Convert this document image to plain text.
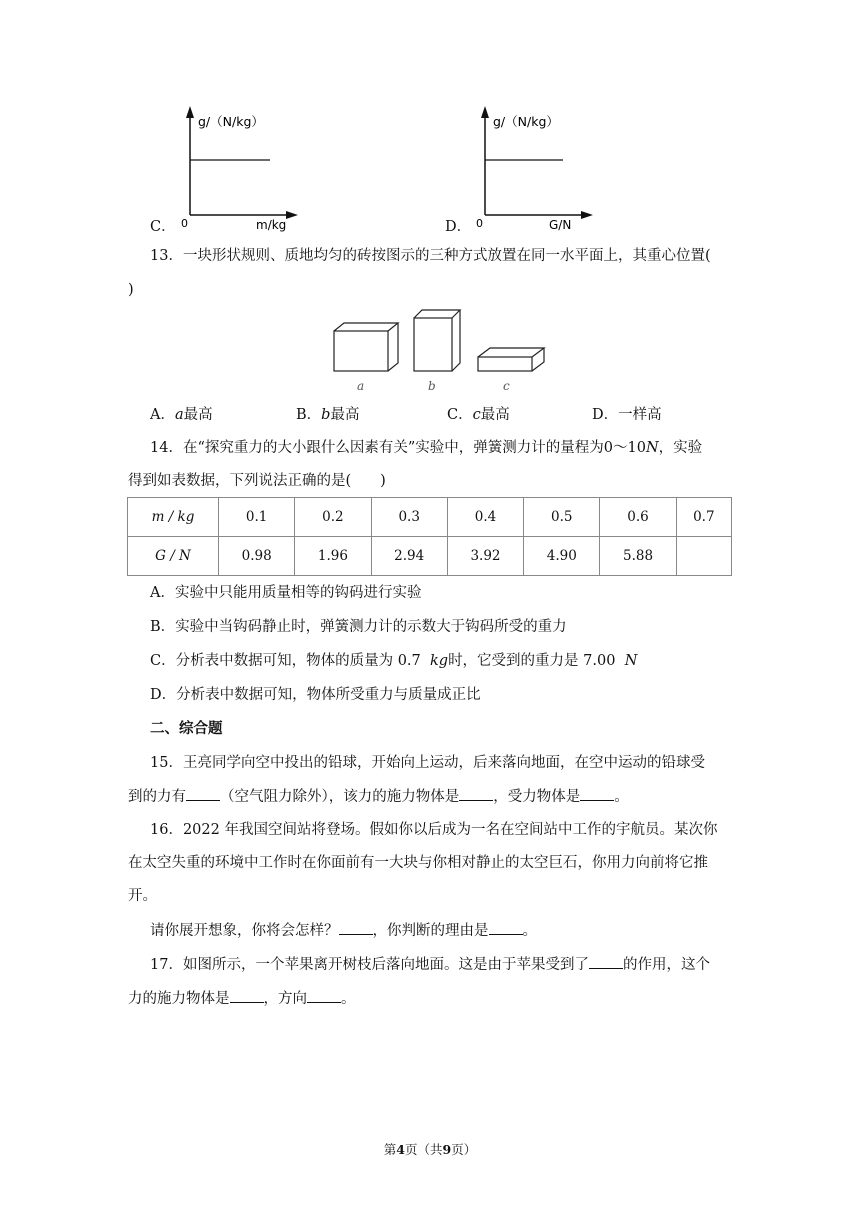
g/（N/kg）
m/kg
0
C．
g/（N/kg）
G/N
0
D．
13．一块形状规则、质地均匀的砖按图示的三种方式放置在同一水平面上，其重心位置(
)
a	b	c
A．a最高	B．b最高	C．c最高	D．一样高
14．在“探究重力的大小跟什么因素有关”实验中，弹簧测力计的量程为0～10N，实验
得到如表数据，下列说法正确的是(　　)
m / kg	0.1	0.2	0.3	0.4	0.5	0.6	0.7
G / N	0.98	1.96	2.94	3.92	4.90	5.88	
A．实验中只能用质量相等的钩码进行实验
B．实验中当钩码静止时，弹簧测力计的示数大于钩码所受的重力
C．分析表中数据可知，物体的质量为 0.7 kg时，它受到的重力是 7.00 N
D．分析表中数据可知，物体所受重力与质量成正比
二、综合题
15．王亮同学向空中投出的铅球，开始向上运动，后来落向地面，在空中运动的铅球受
到的力有 （空气阻力除外），该力的施力物体是 ，受力物体是 。
16．2022 年我国空间站将登场。假如你以后成为一名在空间站中工作的宇航员。某次你
在太空失重的环境中工作时在你面前有一大块与你相对静止的太空巨石，你用力向前将它推
开。
请你展开想象，你将会怎样？ ，你判断的理由是 。
17．如图所示，一个苹果离开树枝后落向地面。这是由于苹果受到了 的作用，这个
力的施力物体是 ，方向 。
第4页（共9页）
